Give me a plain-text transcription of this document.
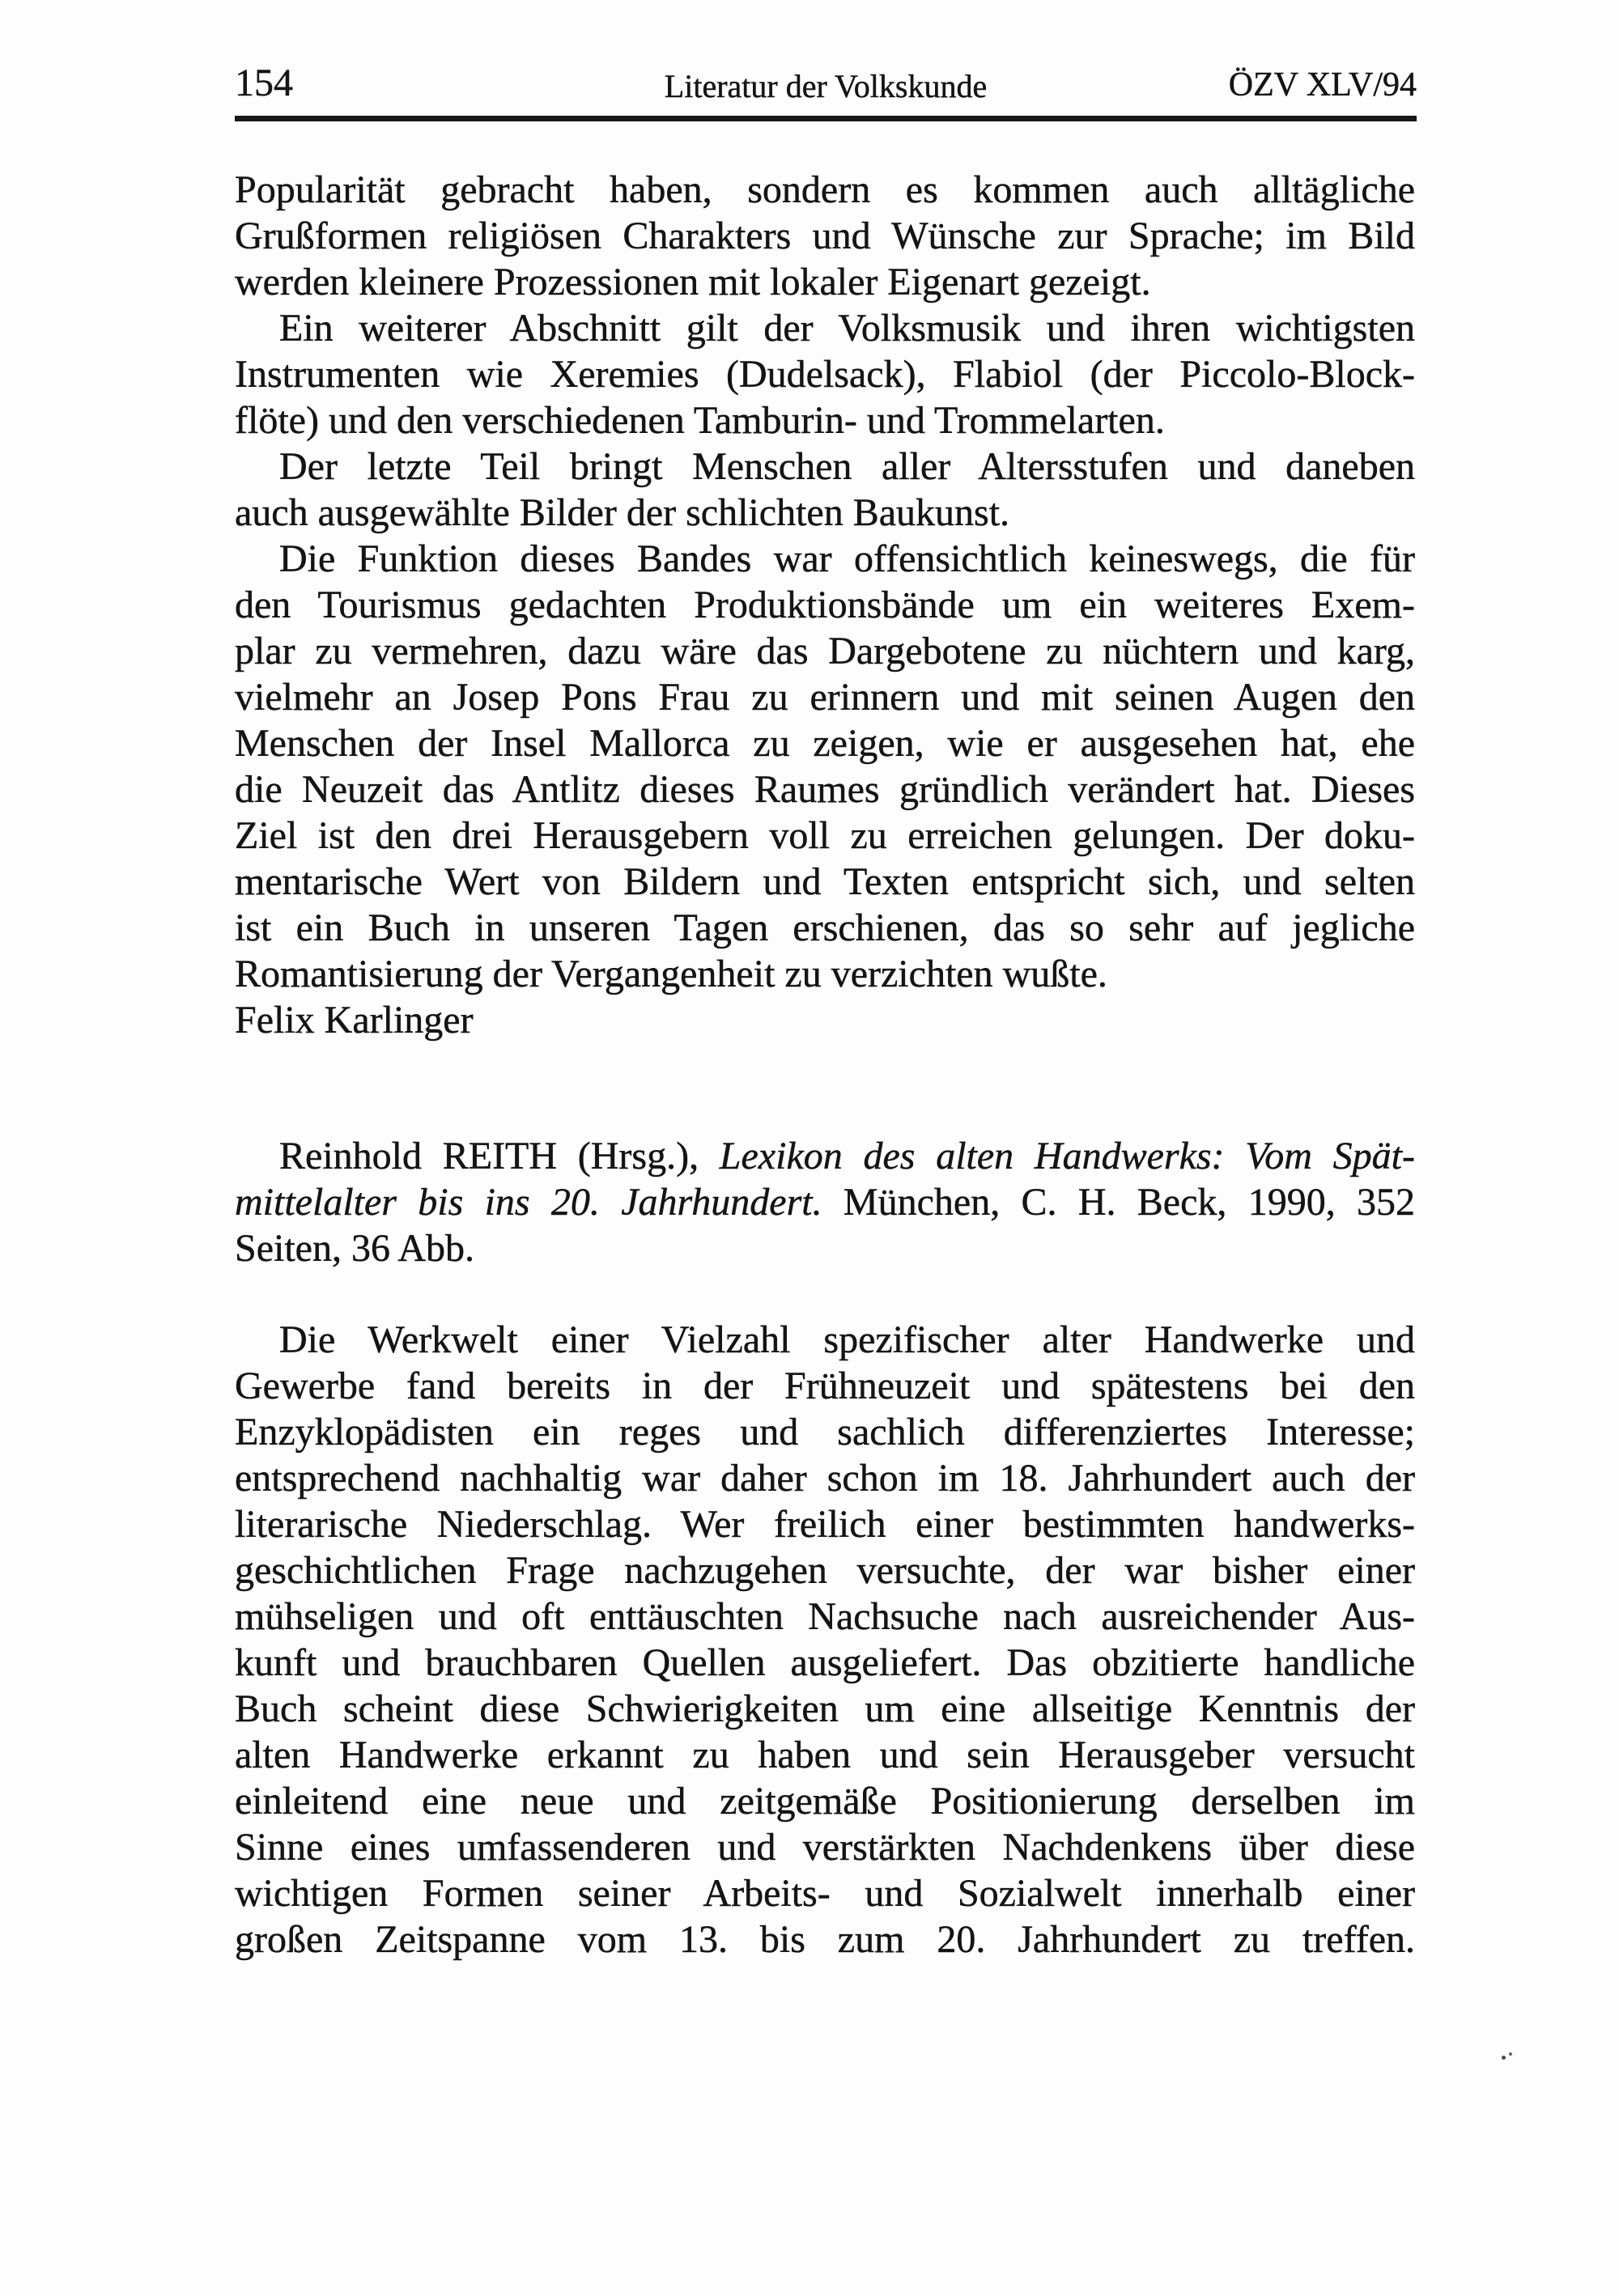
154	Literatur der Volkskunde	ÖZV XLV/94
Popularität gebracht haben, sondern es kommen auch alltägliche
Grußformen religiösen Charakters und Wünsche zur Sprache; im Bild
werden kleinere Prozessionen mit lokaler Eigenart gezeigt.
Ein weiterer Abschnitt gilt der Volksmusik und ihren wichtigsten
Instrumenten wie Xeremies (Dudelsack), Flabiol (der Piccolo-Block-
flöte) und den verschiedenen Tamburin- und Trommelarten.
Der letzte Teil bringt Menschen aller Altersstufen und daneben
auch ausgewählte Bilder der schlichten Baukunst.
Die Funktion dieses Bandes war offensichtlich keineswegs, die für
den Tourismus gedachten Produktionsbände um ein weiteres Exem-
plar zu vermehren, dazu wäre das Dargebotene zu nüchtern und karg,
vielmehr an Josep Pons Frau zu erinnern und mit seinen Augen den
Menschen der Insel Mallorca zu zeigen, wie er ausgesehen hat, ehe
die Neuzeit das Antlitz dieses Raumes gründlich verändert hat. Dieses
Ziel ist den drei Herausgebern voll zu erreichen gelungen. Der doku-
mentarische Wert von Bildern und Texten entspricht sich, und selten
ist ein Buch in unseren Tagen erschienen, das so sehr auf jegliche
Romantisierung der Vergangenheit zu verzichten wußte.
Felix Karlinger
Reinhold REITH (Hrsg.), Lexikon des alten Handwerks: Vom Spät-
mittelalter bis ins 20. Jahrhundert. München, C. H. Beck, 1990, 352
Seiten, 36 Abb.
Die Werkwelt einer Vielzahl spezifischer alter Handwerke und
Gewerbe fand bereits in der Frühneuzeit und spätestens bei den
Enzyklopädisten ein reges und sachlich differenziertes Interesse;
entsprechend nachhaltig war daher schon im 18. Jahrhundert auch der
literarische Niederschlag. Wer freilich einer bestimmten handwerks-
geschichtlichen Frage nachzugehen versuchte, der war bisher einer
mühseligen und oft enttäuschten Nachsuche nach ausreichender Aus-
kunft und brauchbaren Quellen ausgeliefert. Das obzitierte handliche
Buch scheint diese Schwierigkeiten um eine allseitige Kenntnis der
alten Handwerke erkannt zu haben und sein Herausgeber versucht
einleitend eine neue und zeitgemäße Positionierung derselben im
Sinne eines umfassenderen und verstärkten Nachdenkens über diese
wichtigen Formen seiner Arbeits- und Sozialwelt innerhalb einer
großen Zeitspanne vom 13. bis zum 20. Jahrhundert zu treffen.
